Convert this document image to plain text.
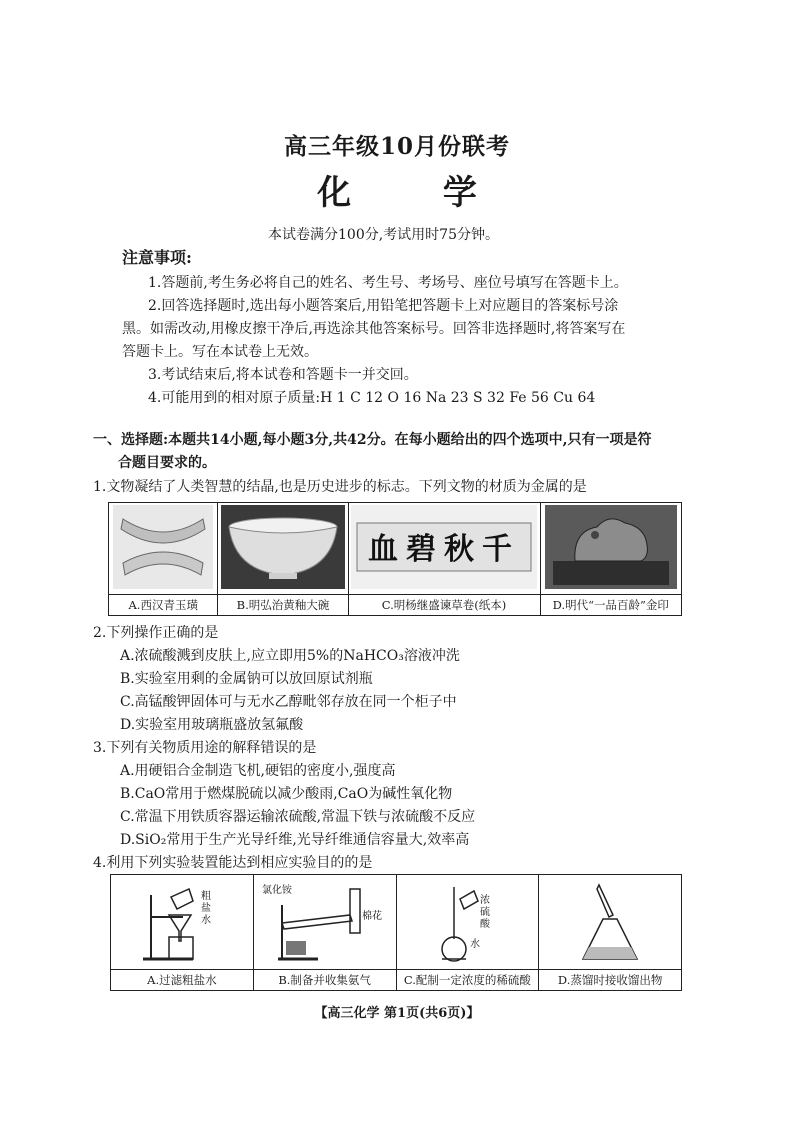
高三年级10月份联考
化 学
本试卷满分100分,考试用时75分钟。
注意事项:
1.答题前,考生务必将自己的姓名、考生号、考场号、座位号填写在答题卡上。
2.回答选择题时,选出每小题答案后,用铅笔把答题卡上对应题目的答案标号涂
黑。如需改动,用橡皮擦干净后,再选涂其他答案标号。回答非选择题时,将答案写在
答题卡上。写在本试卷上无效。
3.考试结束后,将本试卷和答题卡一并交回。
4.可能用到的相对原子质量:H 1 C 12 O 16 Na 23 S 32 Fe 56 Cu 64
一、选择题:本题共14小题,每小题3分,共42分。在每小题给出的四个选项中,只有一项是符
合题目要求的。
1.文物凝结了人类智慧的结晶,也是历史进步的标志。下列文物的材质为金属的是

血碧秋千

A.西汉青玉璜	B.明弘治黄釉大碗	C.明杨继盛谏草卷(纸本)	D.明代“一品百龄”金印
2.下列操作正确的是
A.浓硫酸溅到皮肤上,应立即用5%的NaHCO₃溶液冲洗
B.实验室用剩的金属钠可以放回原试剂瓶
C.高锰酸钾固体可与无水乙醇毗邻存放在同一个柜子中
D.实验室用玻璃瓶盛放氢氟酸
3.下列有关物质用途的解释错误的是
A.用硬铝合金制造飞机,硬铝的密度小,强度高
B.CaO常用于燃煤脱硫以减少酸雨,CaO为碱性氧化物
C.常温下用铁质容器运输浓硫酸,常温下铁与浓硫酸不反应
D.SiO₂常用于生产光导纤维,光导纤维通信容量大,效率高
4.利用下列实验装置能达到相应实验目的的是
粗盐水	氯化铵
棉花	浓硫酸
水

A.过滤粗盐水	B.制备并收集氨气	C.配制一定浓度的稀硫酸	D.蒸馏时接收馏出物
【高三化学 第1页(共6页)】
